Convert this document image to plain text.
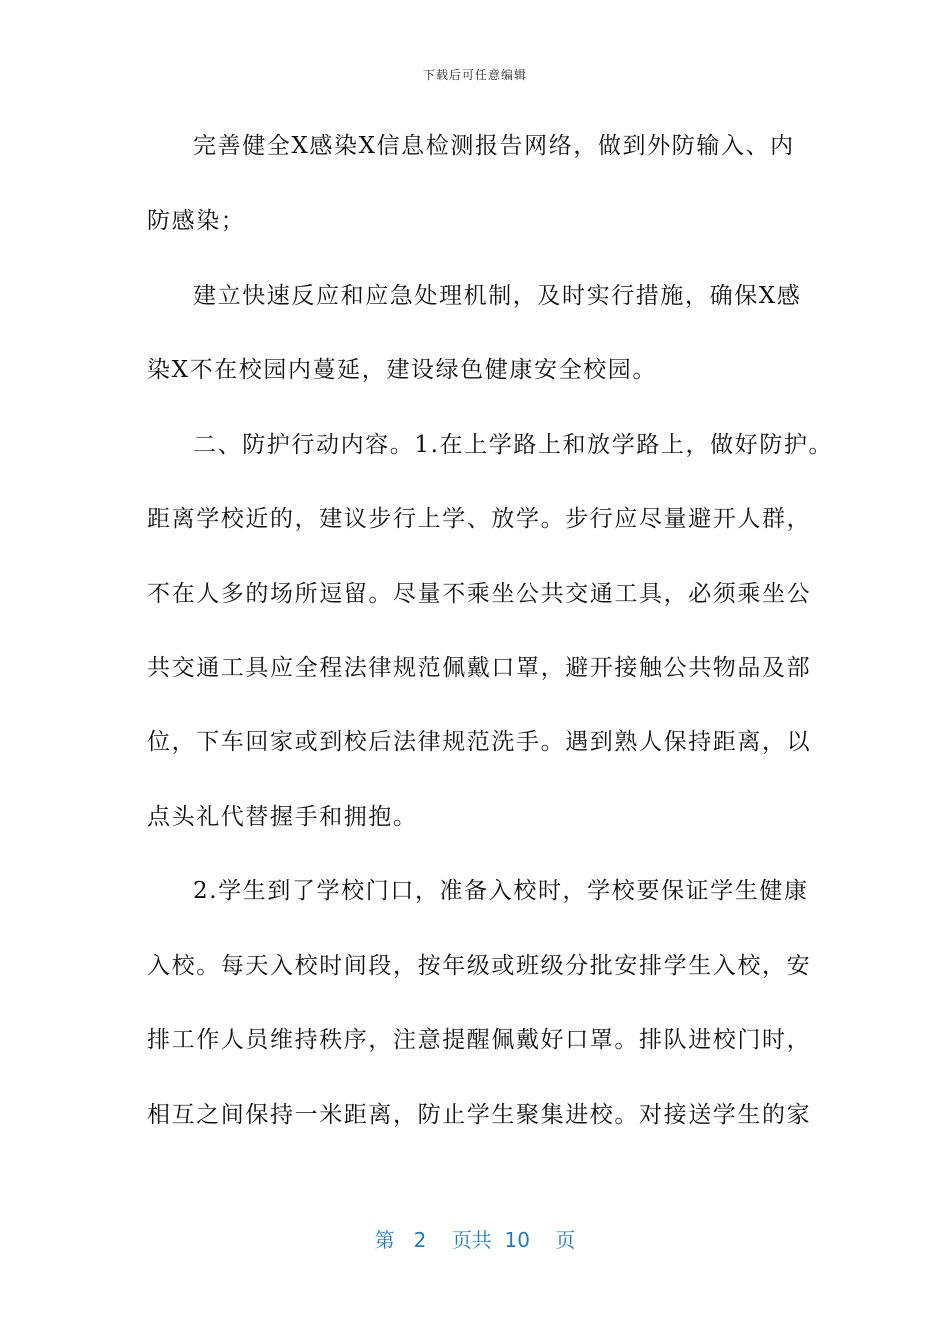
下载后可任意编辑
完善健全X感染X信息检测报告网络，做到外防输入、内
防感染；
建立快速反应和应急处理机制，及时实行措施，确保X感
染X不在校园内蔓延，建设绿色健康安全校园。
二、防护行动内容。1.在上学路上和放学路上，做好防护。
距离学校近的，建议步行上学、放学。步行应尽量避开人群，
不在人多的场所逗留。尽量不乘坐公共交通工具，必须乘坐公
共交通工具应全程法律规范佩戴口罩，避开接触公共物品及部
位，下车回家或到校后法律规范洗手。遇到熟人保持距离，以
点头礼代替握手和拥抱。
2.学生到了学校门口，准备入校时，学校要保证学生健康
入校。每天入校时间段，按年级或班级分批安排学生入校，安
排工作人员维持秩序，注意提醒佩戴好口罩。排队进校门时，
相互之间保持一米距离，防止学生聚集进校。对接送学生的家
第 2 页共 10 页
